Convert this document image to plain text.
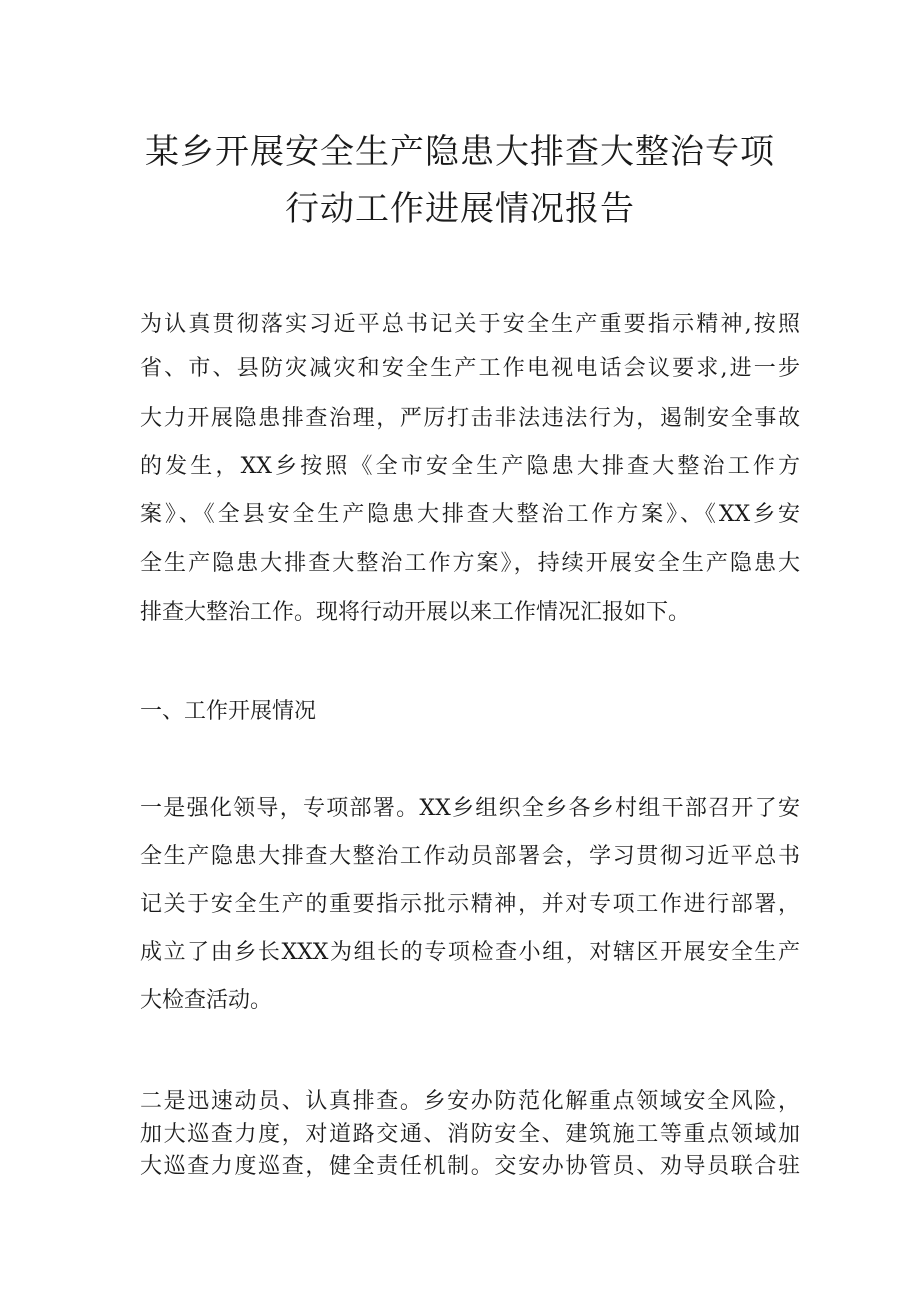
某乡开展安全生产隐患大排查大整治专项
行动工作进展情况报告
为认真贯彻落实习近平总书记关于安全生产重要指示精神,按照
省、市、县防灾减灾和安全生产工作电视电话会议要求,进一步
大力开展隐患排查治理，严厉打击非法违法行为，遏制安全事故
的发生，XX乡按照《全市安全生产隐患大排查大整治工作方
案》、《全县安全生产隐患大排查大整治工作方案》、《XX乡安
全生产隐患大排查大整治工作方案》，持续开展安全生产隐患大
排查大整治工作。现将行动开展以来工作情况汇报如下。
一、工作开展情况
一是强化领导，专项部署。XX乡组织全乡各乡村组干部召开了安
全生产隐患大排查大整治工作动员部署会，学习贯彻习近平总书
记关于安全生产的重要指示批示精神，并对专项工作进行部署，
成立了由乡长XXX为组长的专项检查小组，对辖区开展安全生产
大检查活动。
二是迅速动员、认真排查。乡安办防范化解重点领域安全风险，
加大巡查力度，对道路交通、消防安全、建筑施工等重点领域加
大巡查力度巡查，健全责任机制。交安办协管员、劝导员联合驻
